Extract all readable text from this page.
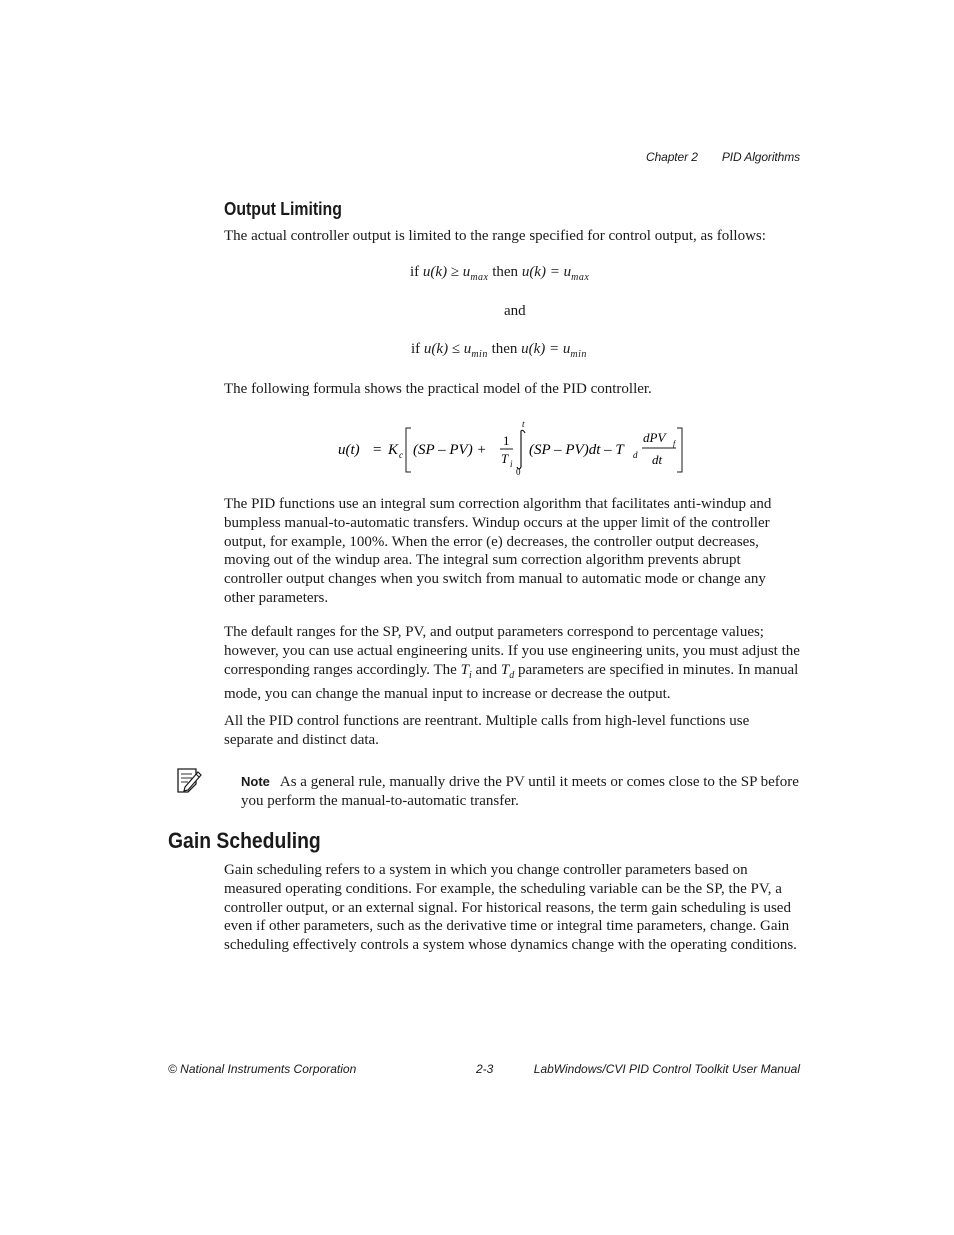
Chapter 2 PID Algorithms
Output Limiting

The actual controller output is limited to the range specified for control output, as follows:

if $u(k) \ge u_{max}$ then $u(k) = u_{max}$
and
if $u(k) \le u_{min}$ then $u(k) = u_{min}$

The following formula shows the practical model of the PID controller.

u(t) = K c (SP – PV) +
1
T i
t
0
(SP – PV)dt – T d
dPV f
dt

The PID functions use an integral sum correction algorithm that facilitates anti-windup and bumpless manual-to-automatic transfers. Windup occurs at the upper limit of the controller output, for example, 100%. When the error (e) decreases, the controller output decreases, moving out of the windup area. The integral sum correction algorithm prevents abrupt controller output changes when you switch from manual to automatic mode or change any other parameters.

The default ranges for the SP, PV, and output parameters correspond to percentage values; however, you can use actual engineering units. If you use engineering units, you must adjust the corresponding ranges accordingly. The $T_i$ and $T_d$ parameters are specified in minutes. In manual mode, you can change the manual input to increase or decrease the output.

All the PID control functions are reentrant. Multiple calls from high-level functions use separate and distinct data.

Note As a general rule, manually drive the PV until it meets or comes close to the SP before you perform the manual-to-automatic transfer.

Gain Scheduling

Gain scheduling refers to a system in which you change controller parameters based on measured operating conditions. For example, the scheduling variable can be the SP, the PV, a controller output, or an external signal. For historical reasons, the term gain scheduling is used even if other parameters, such as the derivative time or integral time parameters, change. Gain scheduling effectively controls a system whose dynamics change with the operating conditions.

© National Instruments Corporation	2-3	LabWindows/CVI PID Control Toolkit User Manual
